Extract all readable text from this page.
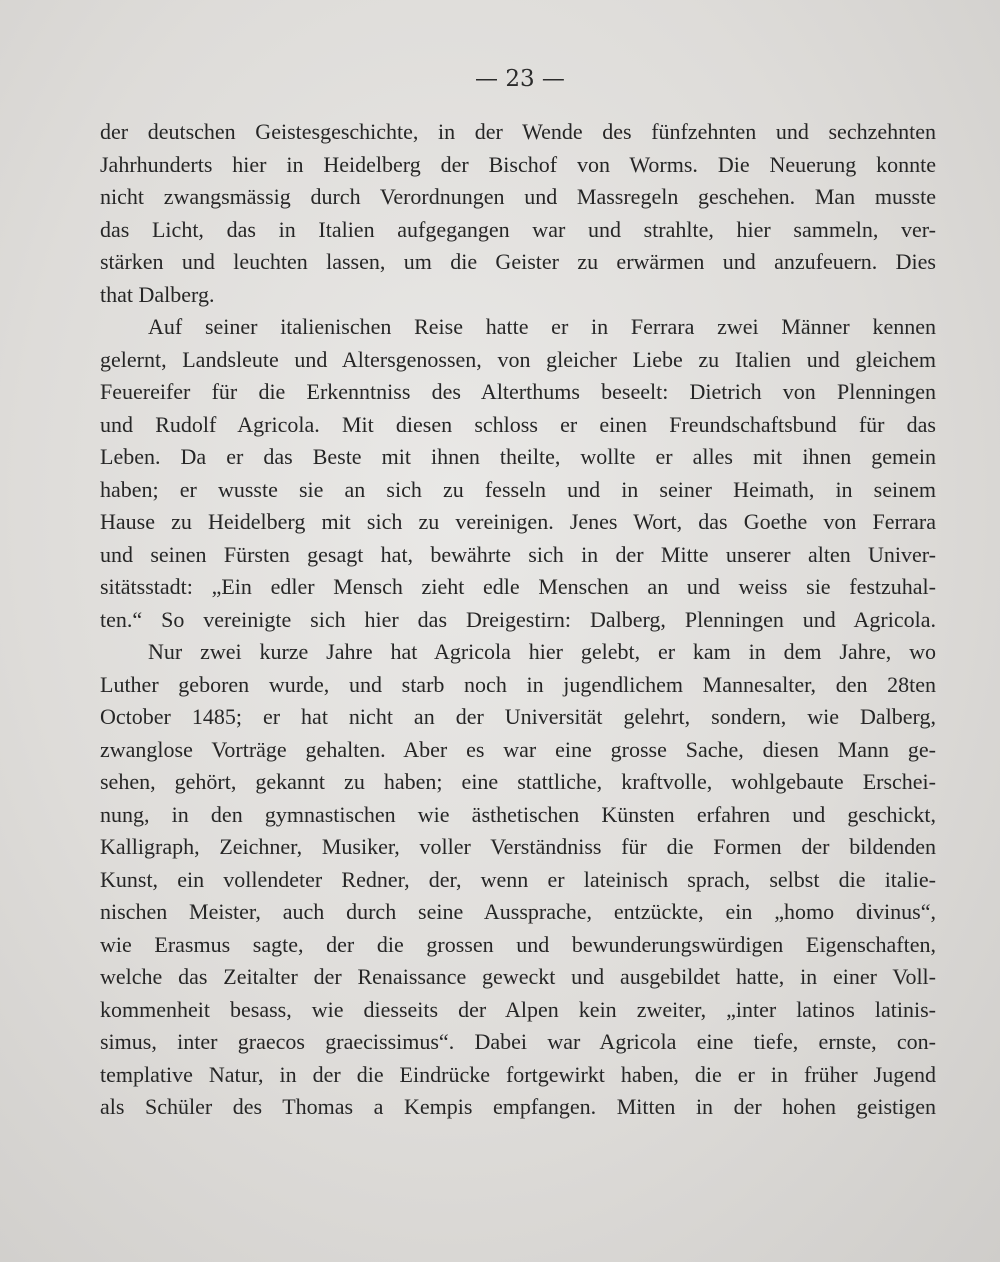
— 23 —
der deutschen Geistesgeschichte, in der Wende des fünfzehnten und sechzehnten
Jahrhunderts hier in Heidelberg der Bischof von Worms. Die Neuerung konnte
nicht zwangsmässig durch Verordnungen und Massregeln geschehen. Man musste
das Licht, das in Italien aufgegangen war und strahlte, hier sammeln, ver-
stärken und leuchten lassen, um die Geister zu erwärmen und anzufeuern. Dies
that Dalberg.
Auf seiner italienischen Reise hatte er in Ferrara zwei Männer kennen
gelernt, Landsleute und Altersgenossen, von gleicher Liebe zu Italien und gleichem
Feuereifer für die Erkenntniss des Alterthums beseelt: Dietrich von Plenningen
und Rudolf Agricola. Mit diesen schloss er einen Freundschaftsbund für das
Leben. Da er das Beste mit ihnen theilte, wollte er alles mit ihnen gemein
haben; er wusste sie an sich zu fesseln und in seiner Heimath, in seinem
Hause zu Heidelberg mit sich zu vereinigen. Jenes Wort, das Goethe von Ferrara
und seinen Fürsten gesagt hat, bewährte sich in der Mitte unserer alten Univer-
sitätsstadt: „Ein edler Mensch zieht edle Menschen an und weiss sie festzuhal-
ten.“ So vereinigte sich hier das Dreigestirn: Dalberg, Plenningen und Agricola.
Nur zwei kurze Jahre hat Agricola hier gelebt, er kam in dem Jahre, wo
Luther geboren wurde, und starb noch in jugendlichem Mannesalter, den 28ten
October 1485; er hat nicht an der Universität gelehrt, sondern, wie Dalberg,
zwanglose Vorträge gehalten. Aber es war eine grosse Sache, diesen Mann ge-
sehen, gehört, gekannt zu haben; eine stattliche, kraftvolle, wohlgebaute Erschei-
nung, in den gymnastischen wie ästhetischen Künsten erfahren und geschickt,
Kalligraph, Zeichner, Musiker, voller Verständniss für die Formen der bildenden
Kunst, ein vollendeter Redner, der, wenn er lateinisch sprach, selbst die italie-
nischen Meister, auch durch seine Aussprache, entzückte, ein „homo divinus“,
wie Erasmus sagte, der die grossen und bewunderungswürdigen Eigenschaften,
welche das Zeitalter der Renaissance geweckt und ausgebildet hatte, in einer Voll-
kommenheit besass, wie diesseits der Alpen kein zweiter, „inter latinos latinis-
simus, inter graecos graecissimus“. Dabei war Agricola eine tiefe, ernste, con-
templative Natur, in der die Eindrücke fortgewirkt haben, die er in früher Jugend
als Schüler des Thomas a Kempis empfangen. Mitten in der hohen geistigen
